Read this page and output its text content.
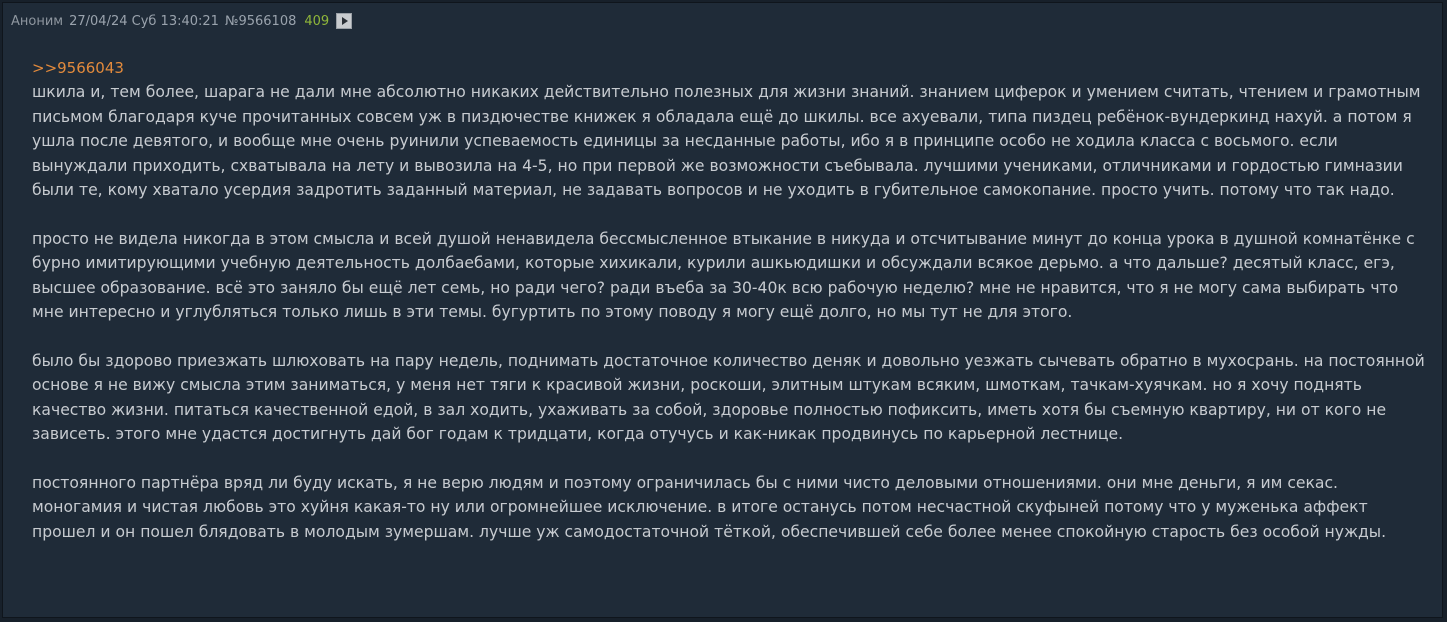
Аноним 27/04/24 Суб 13:40:21 №9566108 409
>>9566043

шкила и, тем более, шарага не дали мне абсолютно никаких действительно полезных для жизни знаний. знанием циферок и умением считать, чтением и грамотным письмом благодаря куче прочитанных совсем уж в пиздючестве книжек я обладала ещё до шкилы. все ахуевали, типа пиздец ребёнок-вундеркинд нахуй. а потом я ушла после девятого, и вообще мне очень руинили успеваемость единицы за несданные работы, ибо я в принципе особо не ходила класса с восьмого. если вынуждали приходить, схватывала на лету и вывозила на 4-5, но при первой же возможности съебывала. лучшими учениками, отличниками и гордостью гимназии были те, кому хватало усердия задротить заданный материал, не задавать вопросов и не уходить в губительное самокопание. просто учить. потому что так надо.

просто не видела никогда в этом смысла и всей душой ненавидела бессмысленное втыкание в никуда и отсчитывание минут до конца урока в душной комнатёнке с бурно имитирующими учебную деятельность долбаебами, которые хихикали, курили ашкьюдишки и обсуждали всякое дерьмо. а что дальше? десятый класс, егэ, высшее образование. всё это заняло бы ещё лет семь, но ради чего? ради въеба за 30-40к всю рабочую неделю? мне не нравится, что я не могу сама выбирать что мне интересно и углубляться только лишь в эти темы. бугуртить по этому поводу я могу ещё долго, но мы тут не для этого.

было бы здорово приезжать шлюховать на пару недель, поднимать достаточное количество деняк и довольно уезжать сычевать обратно в мухосрань. на постоянной основе я не вижу смысла этим заниматься, у меня нет тяги к красивой жизни, роскоши, элитным штукам всяким, шмоткам, тачкам-хуячкам. но я хочу поднять качество жизни. питаться качественной едой, в зал ходить, ухаживать за собой, здоровье полностью пофиксить, иметь хотя бы съемную квартиру, ни от кого не зависеть. этого мне удастся достигнуть дай бог годам к тридцати, когда отучусь и как-никак продвинусь по карьерной лестнице.

постоянного партнёра вряд ли буду искать, я не верю людям и поэтому ограничилась бы с ними чисто деловыми отношениями. они мне деньги, я им секас. моногамия и чистая любовь это хуйня какая-то ну или огромнейшее исключение. в итоге останусь потом несчастной скуфыней потому что у муженька аффект прошел и он пошел блядовать в молодым зумершам. лучше уж самодостаточной тёткой, обеспечившей себе более менее спокойную старость без особой нужды.
